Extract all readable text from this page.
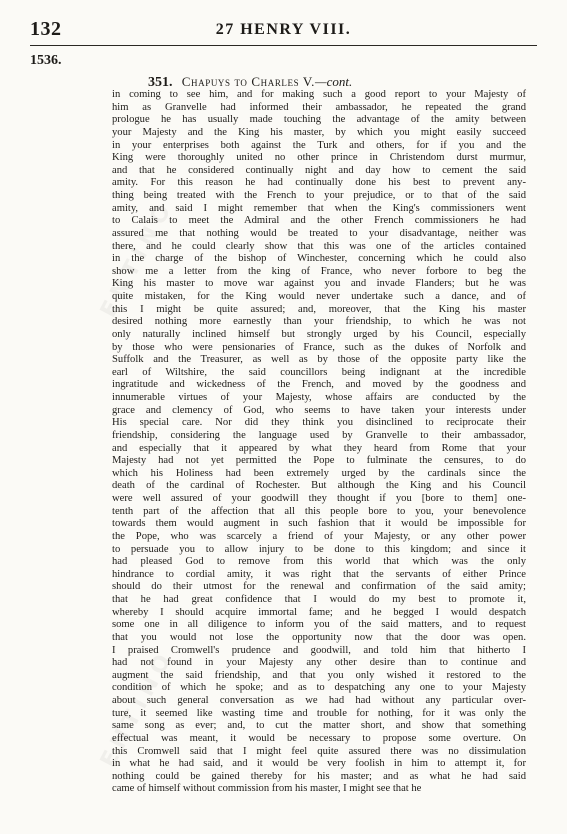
ENTINO
ENTINO
132	27 HENRY VIII.
1536.
351. Chapuys to Charles V.—cont.
in coming to see him, and for making such a good report to your Majesty of
him as Granvelle had informed their ambassador, he repeated the grand
prologue he has usually made touching the advantage of the amity between
your Majesty and the King his master, by which you might easily succeed
in your enterprises both against the Turk and others, for if you and the
King were thoroughly united no other prince in Christendom durst murmur,
and that he considered continually night and day how to cement the said
amity. For this reason he had continually done his best to prevent any-
thing being treated with the French to your prejudice, or to that of the said
amity, and said I might remember that when the King's commissioners went
to Calais to meet the Admiral and the other French commissioners he had
assured me that nothing would be treated to your disadvantage, neither was
there, and he could clearly show that this was one of the articles contained
in the charge of the bishop of Winchester, concerning which he could also
show me a letter from the king of France, who never forbore to beg the
King his master to move war against you and invade Flanders; but he was
quite mistaken, for the King would never undertake such a dance, and of
this I might be quite assured; and, moreover, that the King his master
desired nothing more earnestly than your friendship, to which he was not
only naturally inclined himself but strongly urged by his Council, especially
by those who were pensionaries of France, such as the dukes of Norfolk and
Suffolk and the Treasurer, as well as by those of the opposite party like the
earl of Wiltshire, the said councillors being indignant at the incredible
ingratitude and wickedness of the French, and moved by the goodness and
innumerable virtues of your Majesty, whose affairs are conducted by the
grace and clemency of God, who seems to have taken your interests under
His special care. Nor did they think you disinclined to reciprocate their
friendship, considering the language used by Granvelle to their ambassador,
and especially that it appeared by what they heard from Rome that your
Majesty had not yet permitted the Pope to fulminate the censures, to do
which his Holiness had been extremely urged by the cardinals since the
death of the cardinal of Rochester. But although the King and his Council
were well assured of your goodwill they thought if you [bore to them] one-
tenth part of the affection that all this people bore to you, your benevolence
towards them would augment in such fashion that it would be impossible for
the Pope, who was scarcely a friend of your Majesty, or any other power
to persuade you to allow injury to be done to this kingdom; and since it
had pleased God to remove from this world that which was the only
hindrance to cordial amity, it was right that the servants of either Prince
should do their utmost for the renewal and confirmation of the said amity;
that he had great confidence that I would do my best to promote it,
whereby I should acquire immortal fame; and he begged I would despatch
some one in all diligence to inform you of the said matters, and to request
that you would not lose the opportunity now that the door was open.
I praised Cromwell's prudence and goodwill, and told him that hitherto I
had not found in your Majesty any other desire than to continue and
augment the said friendship, and that you only wished it restored to the
condition of which he spoke; and as to despatching any one to your Majesty
about such general conversation as we had had without any particular over-
ture, it seemed like wasting time and trouble for nothing, for it was only the
same song as ever; and, to cut the matter short, and show that something
effectual was meant, it would be necessary to propose some overture. On
this Cromwell said that I might feel quite assured there was no dissimulation
in what he had said, and it would be very foolish in him to attempt it, for
nothing could be gained thereby for his master; and as what he had said
came of himself without commission from his master, I might see that he
